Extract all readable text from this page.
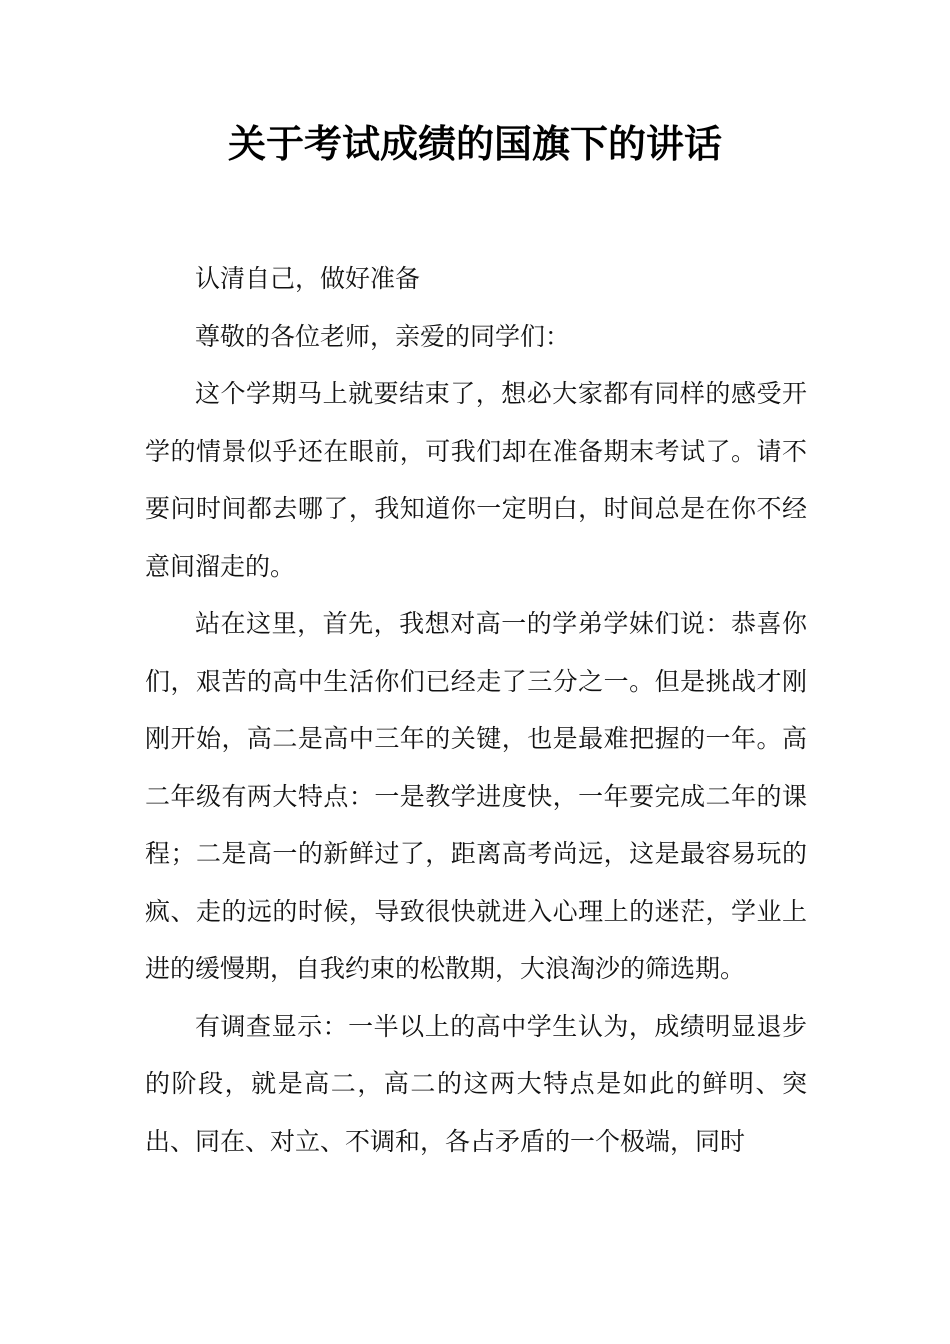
关于考试成绩的国旗下的讲话

认清自己，做好准备

尊敬的各位老师，亲爱的同学们：

这个学期马上就要结束了，想必大家都有同样的感受开学的情景似乎还在眼前，可我们却在准备期末考试了。请不要问时间都去哪了，我知道你一定明白，时间总是在你不经意间溜走的。

站在这里，首先，我想对高一的学弟学妹们说：恭喜你们，艰苦的高中生活你们已经走了三分之一。但是挑战才刚刚开始，高二是高中三年的关键，也是最难把握的一年。高二年级有两大特点：一是教学进度快，一年要完成二年的课程；二是高一的新鲜过了，距离高考尚远，这是最容易玩的疯、走的远的时候，导致很快就进入心理上的迷茫，学业上进的缓慢期，自我约束的松散期，大浪淘沙的筛选期。

有调查显示：一半以上的高中学生认为，成绩明显退步的阶段，就是高二，高二的这两大特点是如此的鲜明、突出、同在、对立、不调和，各占矛盾的一个极端，同时
